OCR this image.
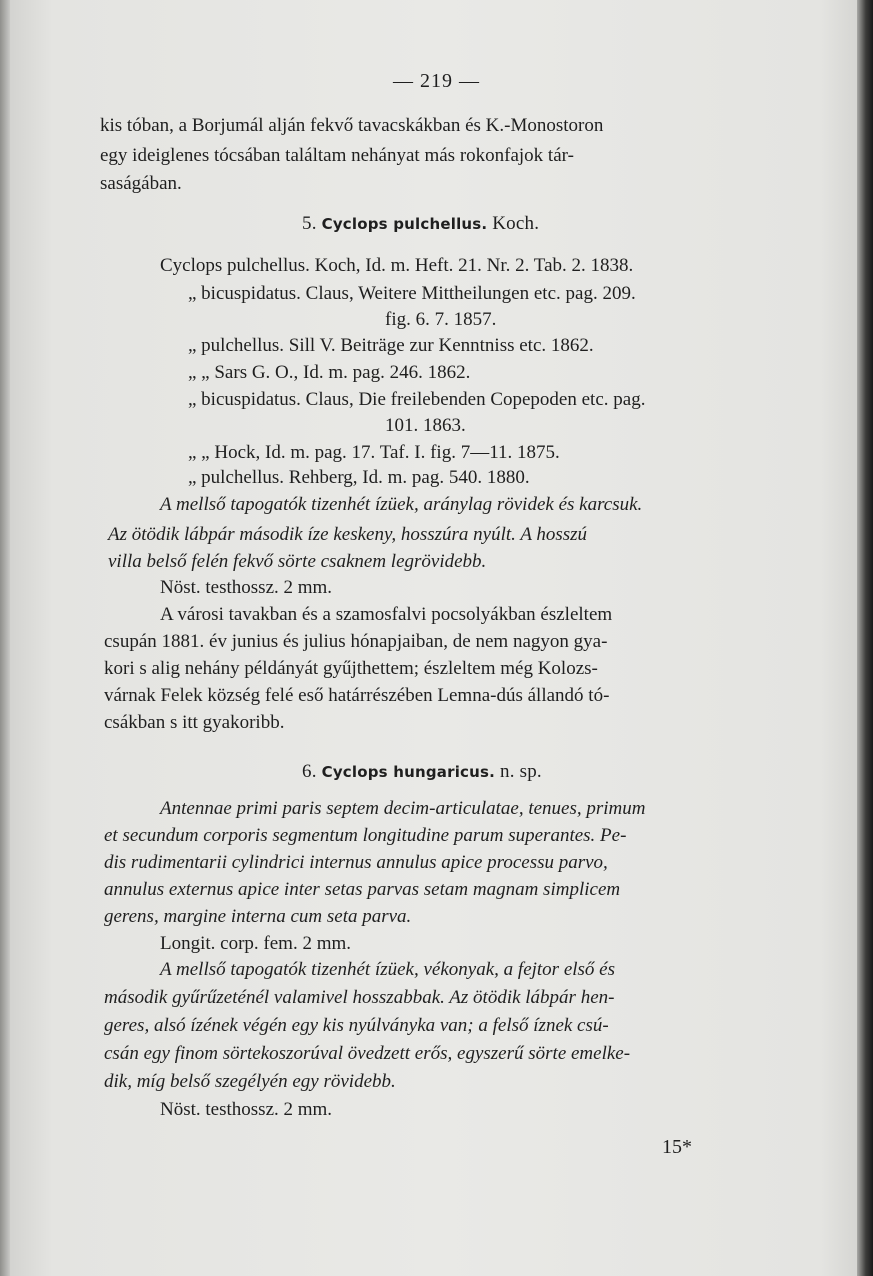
— 219 —
kis tóban, a Borjumál alján fekvő tavacskákban és K.-Monostoron
egy ideiglenes tócsában találtam nehányat más rokonfajok tár-
saságában.
5. Cyclops pulchellus. Koch.
Cyclops pulchellus. Koch, Id. m. Heft. 21. Nr. 2. Tab. 2. 1838.
„ bicuspidatus. Claus, Weitere Mittheilungen etc. pag. 209.
fig. 6. 7. 1857.
„ pulchellus. Sill V. Beiträge zur Kenntniss etc. 1862.
„ „ Sars G. O., Id. m. pag. 246. 1862.
„ bicuspidatus. Claus, Die freilebenden Copepoden etc. pag.
101. 1863.
„ „ Hock, Id. m. pag. 17. Taf. I. fig. 7—11. 1875.
„ pulchellus. Rehberg, Id. m. pag. 540. 1880.
A mellső tapogatók tizenhét ízüek, aránylag rövidek és karcsuk.
Az ötödik lábpár második íze keskeny, hosszúra nyúlt. A hosszú
villa belső felén fekvő sörte csaknem legrövidebb.
Nöst. testhossz. 2 mm.
A városi tavakban és a szamosfalvi pocsolyákban észleltem
csupán 1881. év junius és julius hónapjaiban, de nem nagyon gya-
kori s alig nehány példányát gyűjthettem; észleltem még Kolozs-
várnak Felek község felé eső határrészében Lemna-dús állandó tó-
csákban s itt gyakoribb.
6. Cyclops hungaricus. n. sp.
Antennae primi paris septem decim-articulatae, tenues, primum
et secundum corporis segmentum longitudine parum superantes. Pe-
dis rudimentarii cylindrici internus annulus apice processu parvo,
annulus externus apice inter setas parvas setam magnam simplicem
gerens, margine interna cum seta parva.
Longit. corp. fem. 2 mm.
A mellső tapogatók tizenhét ízüek, vékonyak, a fejtor első és
második gyűrűzeténél valamivel hosszabbak. Az ötödik lábpár hen-
geres, alsó ízének végén egy kis nyúlványka van; a felső íznek csú-
csán egy finom sörtekoszorúval övedzett erős, egyszerű sörte emelke-
dik, míg belső szegélyén egy rövidebb.
Nöst. testhossz. 2 mm.
15*
